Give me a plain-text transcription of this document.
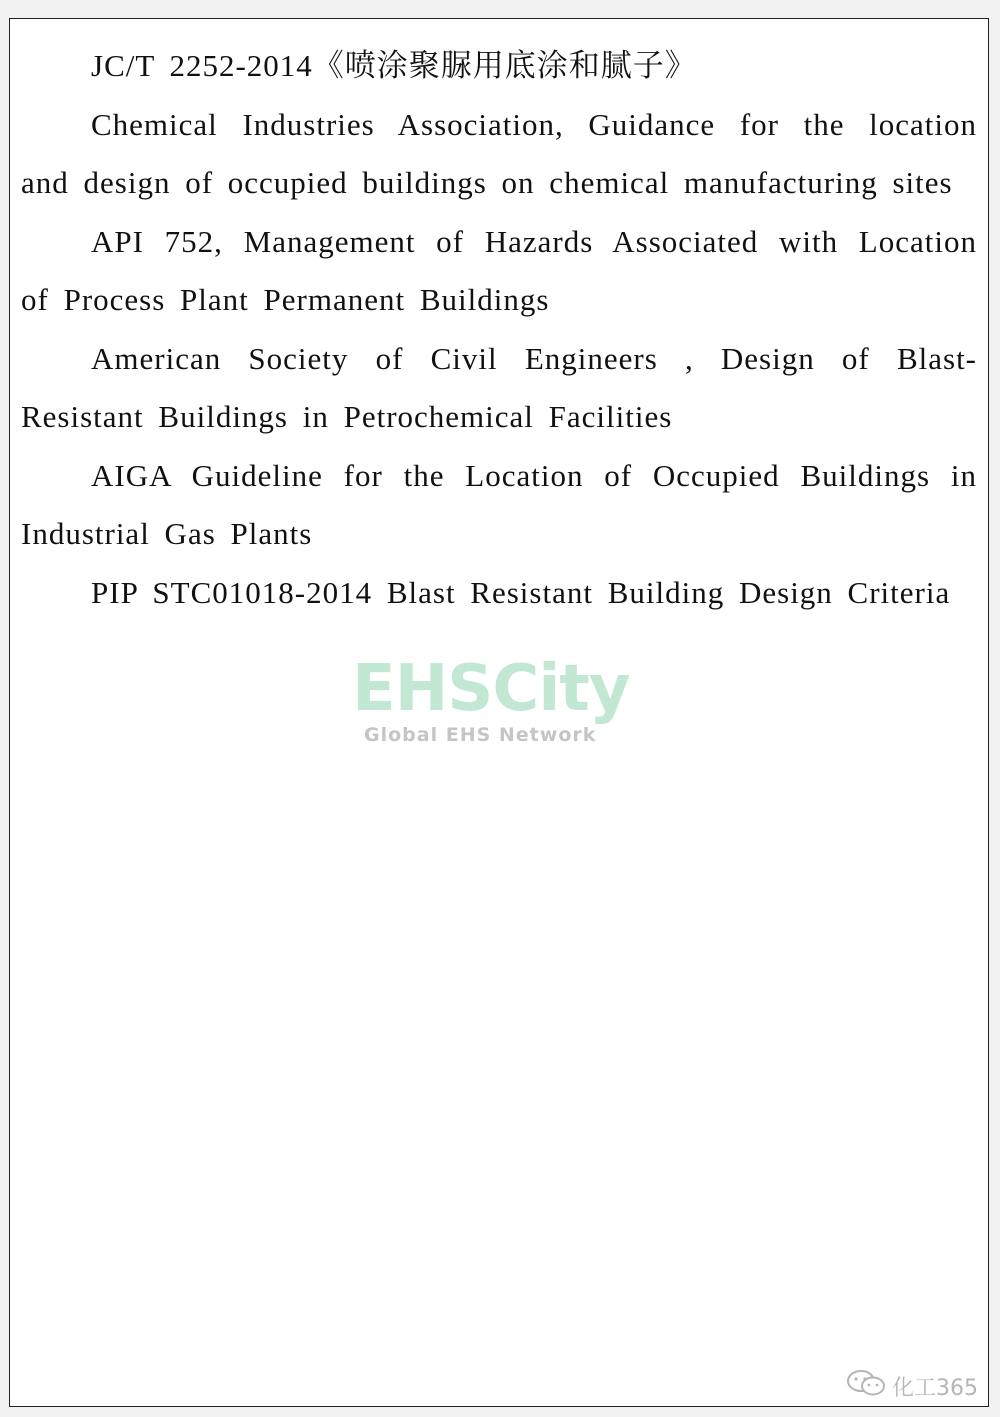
JC/T 2252-2014《喷涂聚脲用底涂和腻子》

Chemical Industries Association, Guidance for the location and design of occupied buildings on chemical manufacturing sites

API 752, Management of Hazards Associated with Location of Process Plant Permanent Buildings

American Society of Civil Engineers , Design of Blast-Resistant Buildings in Petrochemical Facilities

AIGA Guideline for the Location of Occupied Buildings in Industrial Gas Plants

PIP STC01018-2014 Blast Resistant Building Design Criteria

EHSCity
Global EHS Network
化工365
